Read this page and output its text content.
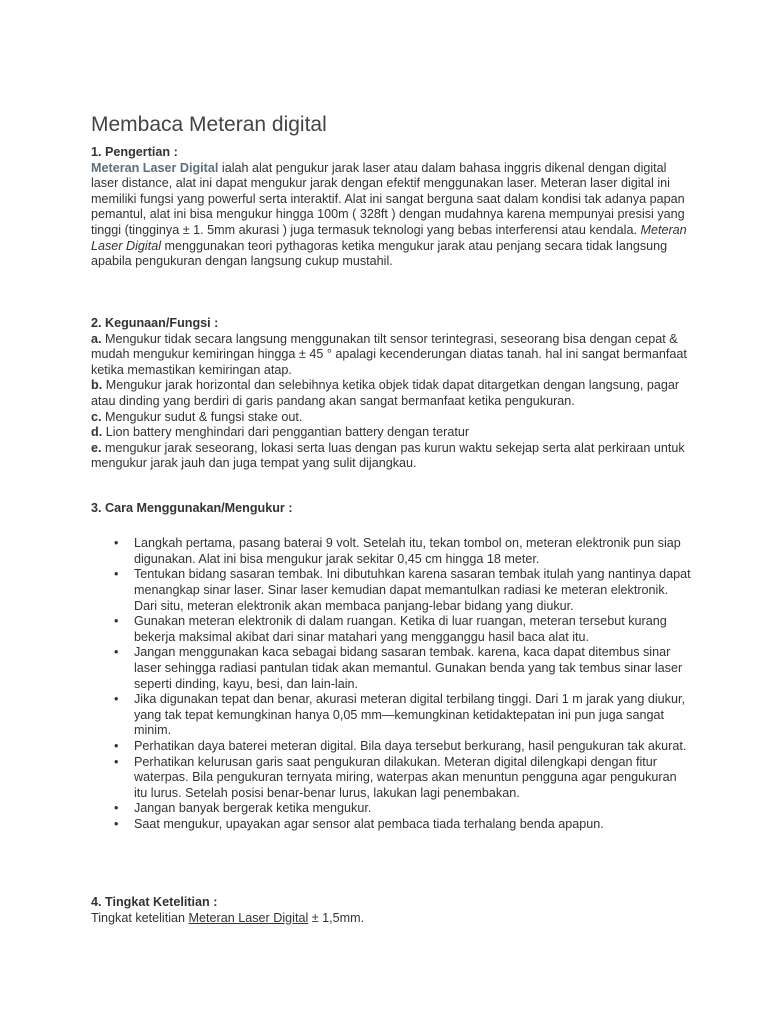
Membaca Meteran digital
1. Pengertian :

Meteran Laser Digital ialah alat pengukur jarak laser atau dalam bahasa inggris dikenal dengan digital laser distance, alat ini dapat mengukur jarak dengan efektif menggunakan laser. Meteran laser digital ini memiliki fungsi yang powerful serta interaktif. Alat ini sangat berguna saat dalam kondisi tak adanya papan pemantul, alat ini bisa mengukur hingga 100m ( 328ft ) dengan mudahnya karena mempunyai presisi yang tinggi (tingginya ± 1. 5mm akurasi ) juga termasuk teknologi yang bebas interferensi atau kendala. Meteran Laser Digital menggunakan teori pythagoras ketika mengukur jarak atau penjang secara tidak langsung apabila pengukuran dengan langsung cukup mustahil.

2. Kegunaan/Fungsi :

a. Mengukur tidak secara langsung menggunakan tilt sensor terintegrasi, seseorang bisa dengan cepat & mudah mengukur kemiringan hingga ± 45 ° apalagi kecenderungan diatas tanah. hal ini sangat bermanfaat ketika memastikan kemiringan atap.

b. Mengukur jarak horizontal dan selebihnya ketika objek tidak dapat ditargetkan dengan langsung, pagar atau dinding yang berdiri di garis pandang akan sangat bermanfaat ketika pengukuran.

c. Mengukur sudut & fungsi stake out.

d. Lion battery menghindari dari penggantian battery dengan teratur

e. mengukur jarak seseorang, lokasi serta luas dengan pas kurun waktu sekejap serta alat perkiraan untuk mengukur jarak jauh dan juga tempat yang sulit dijangkau.

3. Cara Menggunakan/Mengukur :
• Langkah pertama, pasang baterai 9 volt. Setelah itu, tekan tombol on, meteran elektronik pun siap digunakan. Alat ini bisa mengukur jarak sekitar 0,45 cm hingga 18 meter.
• Tentukan bidang sasaran tembak. Ini dibutuhkan karena sasaran tembak itulah yang nantinya dapat menangkap sinar laser. Sinar laser kemudian dapat memantulkan radiasi ke meteran elektronik. Dari situ, meteran elektronik akan membaca panjang-lebar bidang yang diukur.
• Gunakan meteran elektronik di dalam ruangan. Ketika di luar ruangan, meteran tersebut kurang bekerja maksimal akibat dari sinar matahari yang mengganggu hasil baca alat itu.
• Jangan menggunakan kaca sebagai bidang sasaran tembak. karena, kaca dapat ditembus sinar laser sehingga radiasi pantulan tidak akan memantul. Gunakan benda yang tak tembus sinar laser seperti dinding, kayu, besi, dan lain-lain.
• Jika digunakan tepat dan benar, akurasi meteran digital terbilang tinggi. Dari 1 m jarak yang diukur, yang tak tepat kemungkinan hanya 0,05 mm—kemungkinan ketidaktepatan ini pun juga sangat minim.
• Perhatikan daya baterei meteran digital. Bila daya tersebut berkurang, hasil pengukuran tak akurat.
• Perhatikan kelurusan garis saat pengukuran dilakukan. Meteran digital dilengkapi dengan fitur waterpas. Bila pengukuran ternyata miring, waterpas akan menuntun pengguna agar pengukuran itu lurus. Setelah posisi benar-benar lurus, lakukan lagi penembakan.
• Jangan banyak bergerak ketika mengukur.
• Saat mengukur, upayakan agar sensor alat pembaca tiada terhalang benda apapun.
4. Tingkat Ketelitian :

Tingkat ketelitian Meteran Laser Digital ± 1,5mm.
